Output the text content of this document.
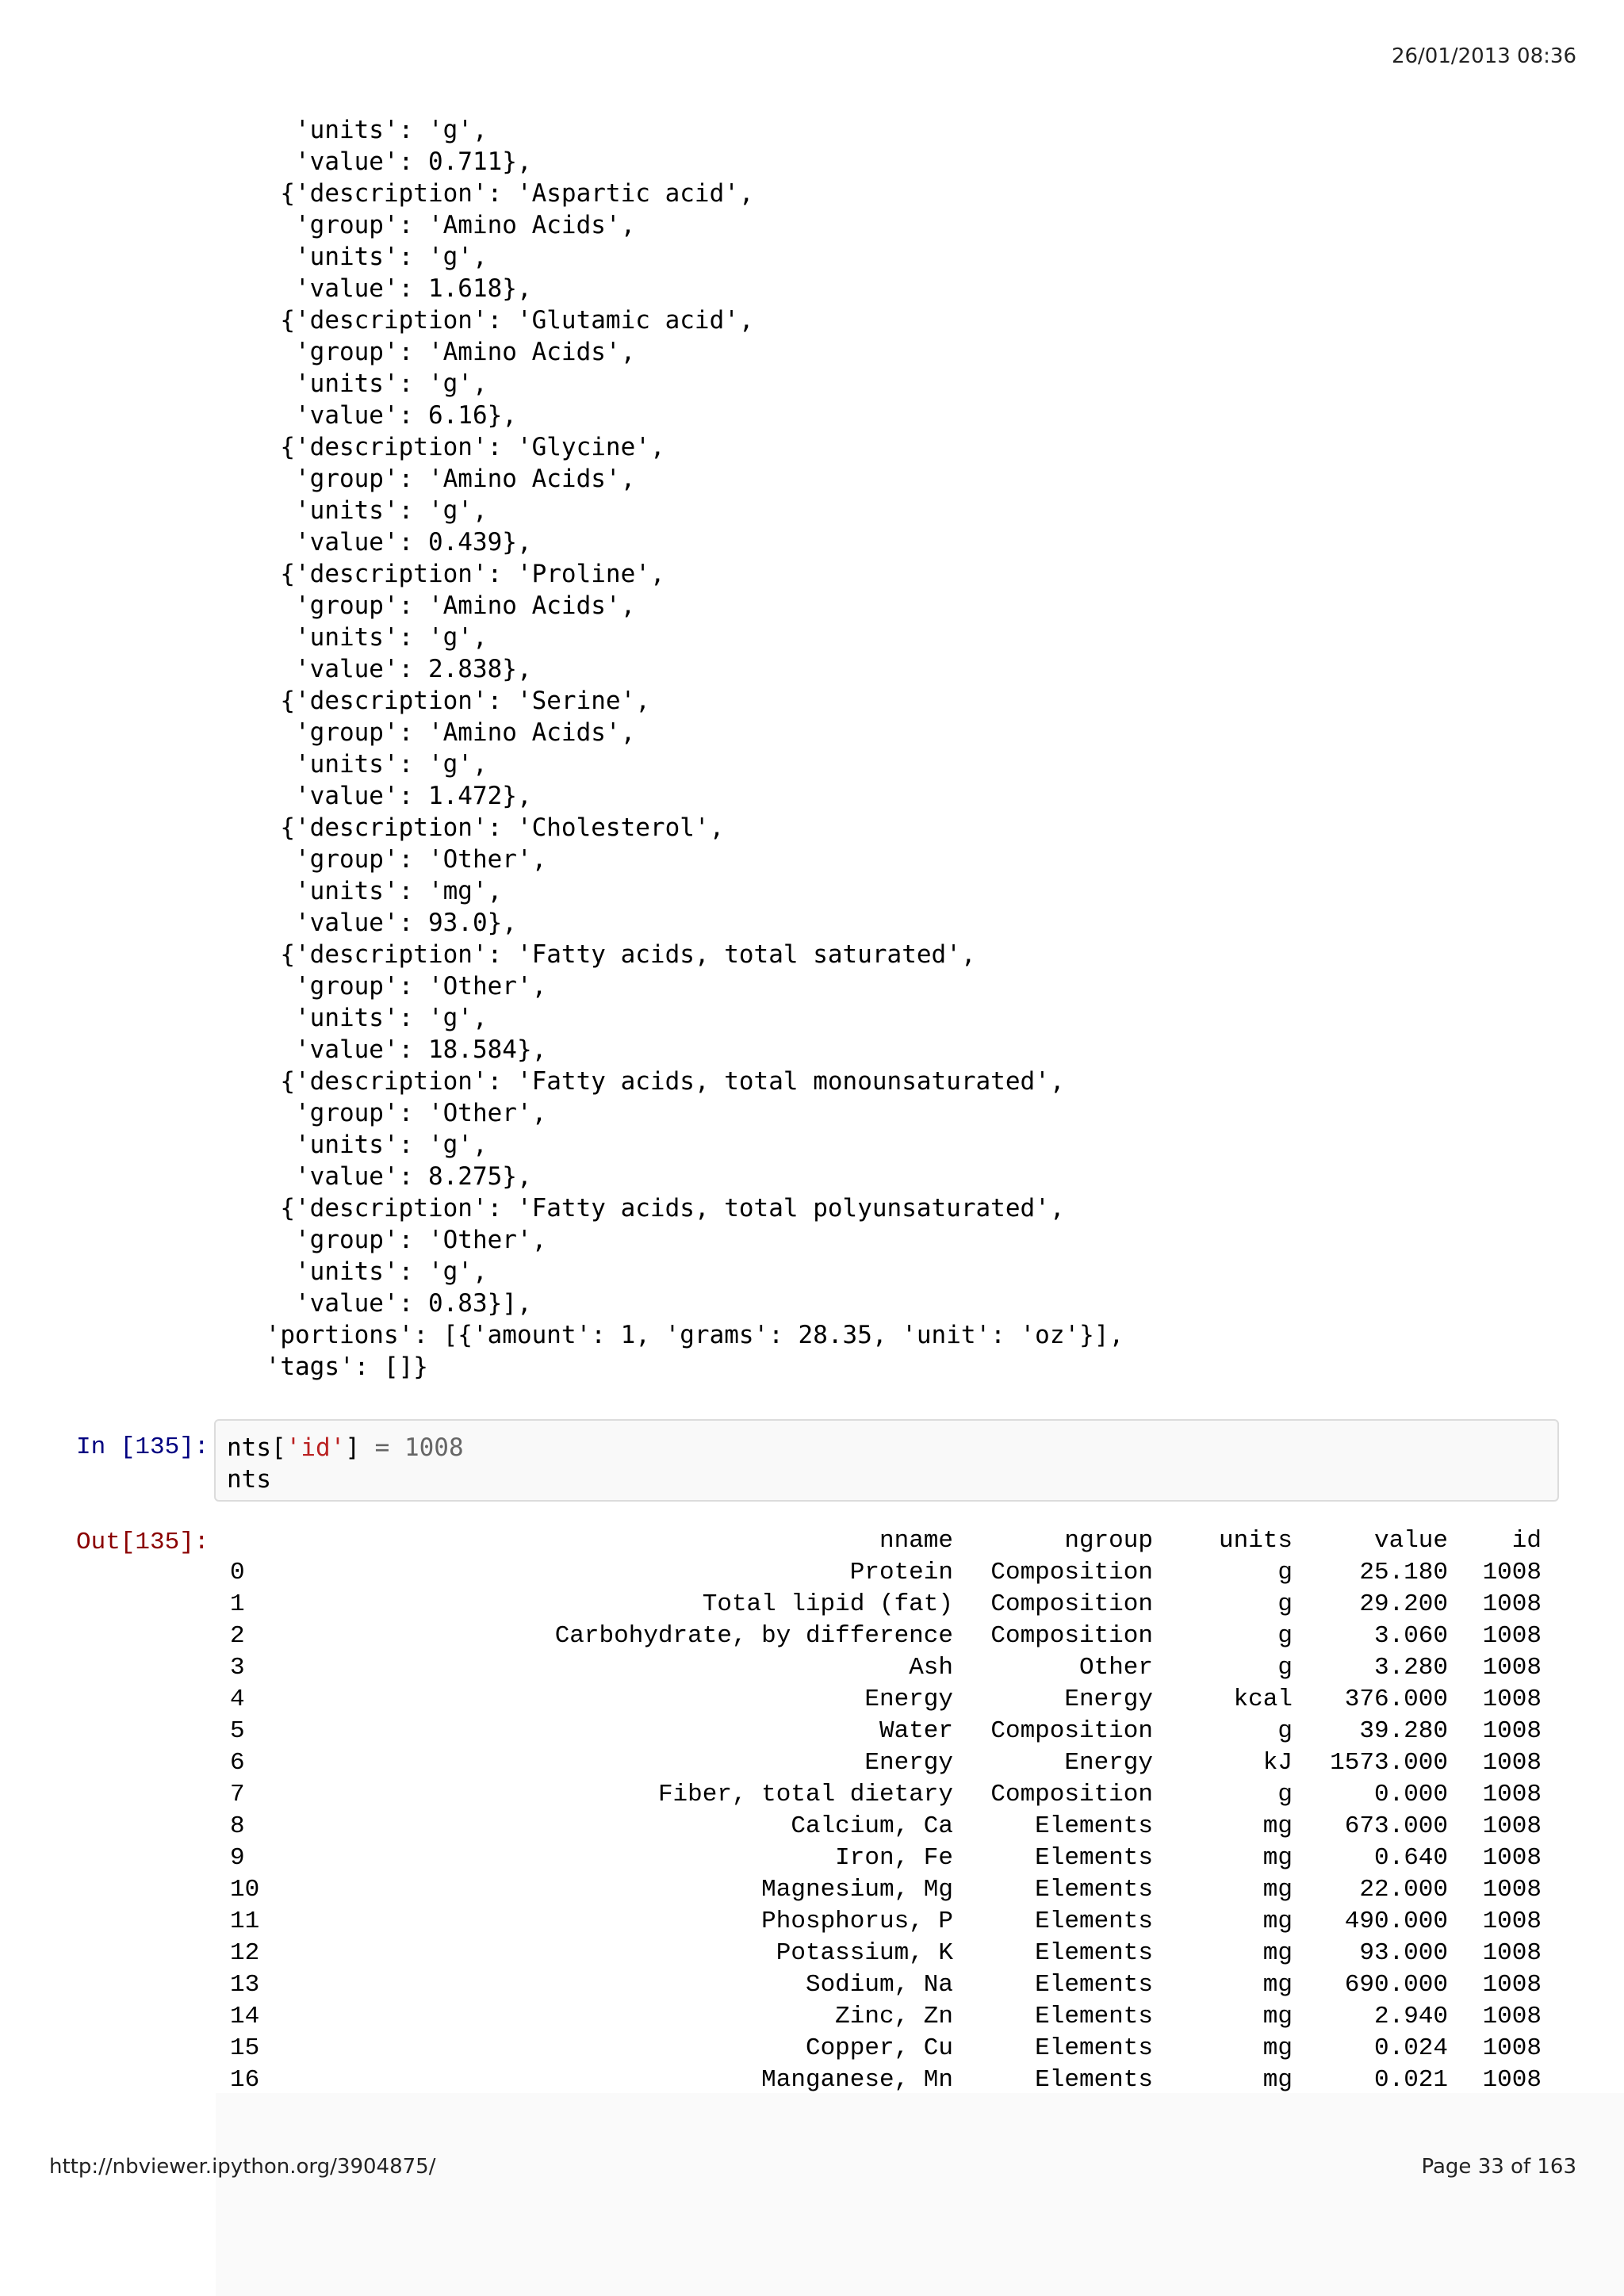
26/01/2013 08:36
'units': 'g',
'value': 0.711},
{'description': 'Aspartic acid',
'group': 'Amino Acids',
'units': 'g',
'value': 1.618},
{'description': 'Glutamic acid',
'group': 'Amino Acids',
'units': 'g',
'value': 6.16},
{'description': 'Glycine',
'group': 'Amino Acids',
'units': 'g',
'value': 0.439},
{'description': 'Proline',
'group': 'Amino Acids',
'units': 'g',
'value': 2.838},
{'description': 'Serine',
'group': 'Amino Acids',
'units': 'g',
'value': 1.472},
{'description': 'Cholesterol',
'group': 'Other',
'units': 'mg',
'value': 93.0},
{'description': 'Fatty acids, total saturated',
'group': 'Other',
'units': 'g',
'value': 18.584},
{'description': 'Fatty acids, total monounsaturated',
'group': 'Other',
'units': 'g',
'value': 8.275},
{'description': 'Fatty acids, total polyunsaturated',
'group': 'Other',
'units': 'g',
'value': 0.83}],
'portions': [{'amount': 1, 'grams': 28.35, 'unit': 'oz'}],
'tags': []}
In [135]: nts['id'] = 1008
nts
Out[135]:
		nname	ngroup	units	value	id
0	Protein	Composition	g	25.180	1008
1	Total lipid (fat)	Composition	g	29.200	1008
2	Carbohydrate, by difference	Composition	g	3.060	1008
3	Ash	Other	g	3.280	1008
4	Energy	Energy	kcal	376.000	1008
5	Water	Composition	g	39.280	1008
6	Energy	Energy	kJ	1573.000	1008
7	Fiber, total dietary	Composition	g	0.000	1008
8	Calcium, Ca	Elements	mg	673.000	1008
9	Iron, Fe	Elements	mg	0.640	1008
10	Magnesium, Mg	Elements	mg	22.000	1008
11	Phosphorus, P	Elements	mg	490.000	1008
12	Potassium, K	Elements	mg	93.000	1008
13	Sodium, Na	Elements	mg	690.000	1008
14	Zinc, Zn	Elements	mg	2.940	1008
15	Copper, Cu	Elements	mg	0.024	1008
16	Manganese, Mn	Elements	mg	0.021	1008
http://nbviewer.ipython.org/3904875/	Page 33 of 163
